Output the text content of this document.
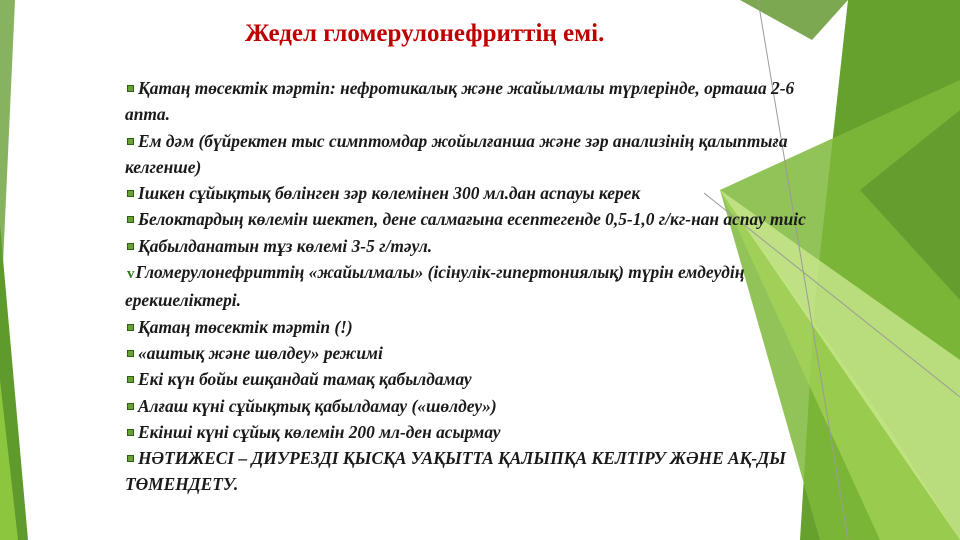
Жедел гломерулонефриттің емі.
Қатаң төсектік тәртіп: нефротикалық және жайылмалы түрлерінде, орташа 2-6 апта.
Ем дәм (бүйректен тыс симптомдар жойылғанша және зәр анализінің қалыптыға келгенше)
Ішкен сұйықтық бөлінген зәр көлемінен 300 мл.дан аспауы керек
Белоктардың көлемін шектеп, дене салмағына есептегенде 0,5-1,0 г/кг-нан аспау тиіс
Қабылданатын тұз көлемі 3-5 г/тәул.
vГломерулонефриттің «жайылмалы» (ісінулік-гипертониялық) түрін емдеудің ерекшеліктері.
Қатаң төсектік тәртіп (!)
«аштық және шөлдеу» режимі
Екі күн бойы ешқандай тамақ қабылдамау
Алғаш күні сұйықтық қабылдамау («шөлдеу»)
Екінші күні сұйық көлемін 200 мл-ден асырмау
НӘТИЖЕСІ – ДИУРЕЗДІ ҚЫСҚА УАҚЫТТА ҚАЛЫПҚА КЕЛТІРУ ЖӘНЕ АҚ-ДЫ ТӨМЕНДЕТУ.
